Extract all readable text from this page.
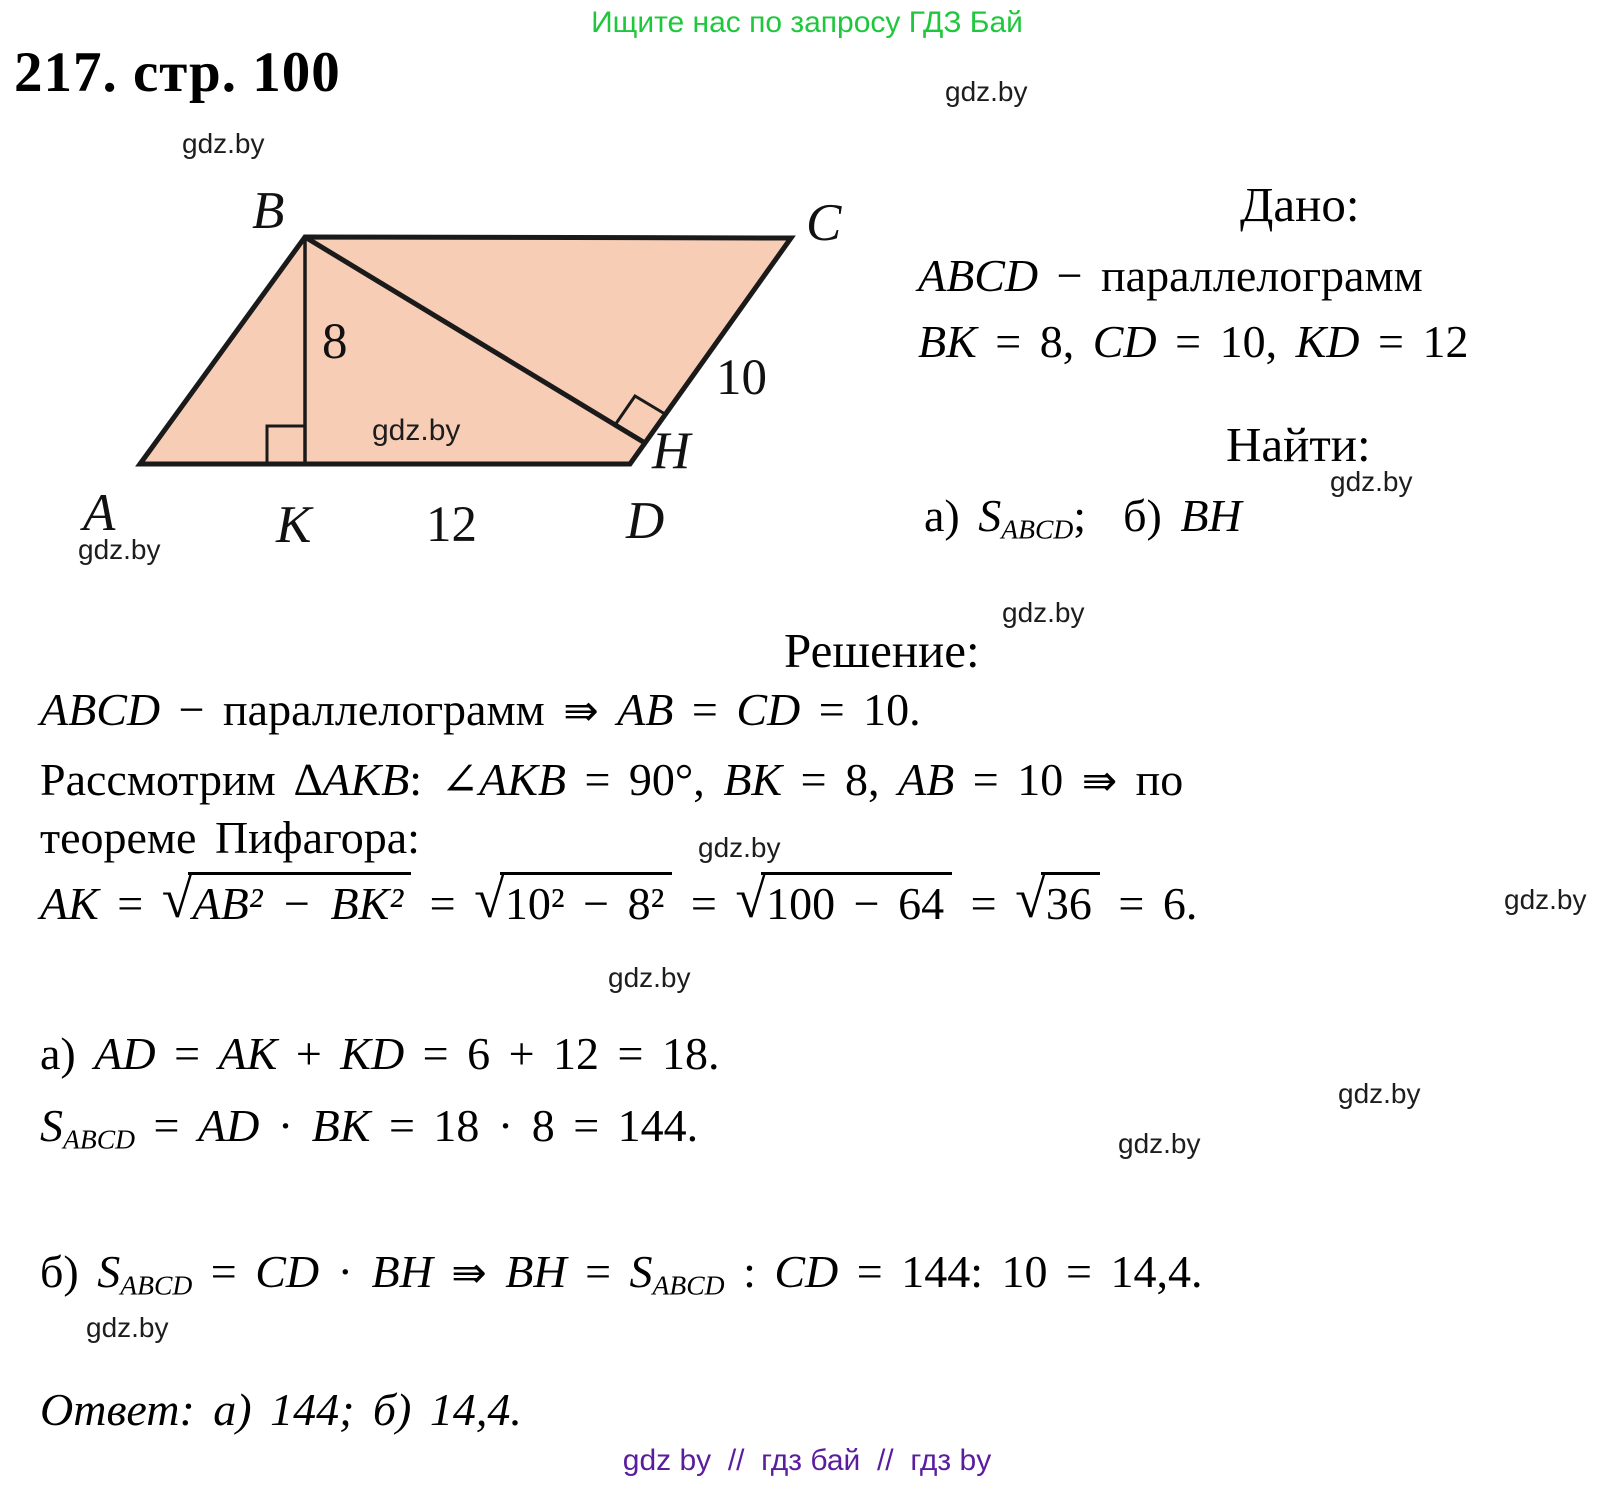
B	C
A	K	D
H
8
10
12
gdz.by
Ищите нас по запросу ГДЗ Бай
217. стр. 100	gdz.by
gdz.by
gdz.by
gdz.by
gdz.by
gdz.by
gdz.by
gdz.by
gdz.by
gdz.by
gdz.by
Дано:
ABCD − параллелограмм
BK = 8, CD = 10, KD = 12
Найти:
а) SABCD;  б) BH
Решение:
ABCD − параллелограмм ⇛ AB = CD = 10.
Рассмотрим ∆AKB: ∠AKB = 90°, BK = 8, AB = 10 ⇛ по
теореме Пифагора:
AK = √AB² − BK² = √10² − 8² = √100 − 64 = √36 = 6.
а) AD = AK + KD = 6 + 12 = 18.
SABCD = AD · BK = 18 · 8 = 144.
б) SABCD = CD · BH ⇛ BH = SABCD : CD = 144: 10 = 14,4.
Ответ: а) 144; б) 14,4.
gdz by  //  гдз бай  //  гдз by
